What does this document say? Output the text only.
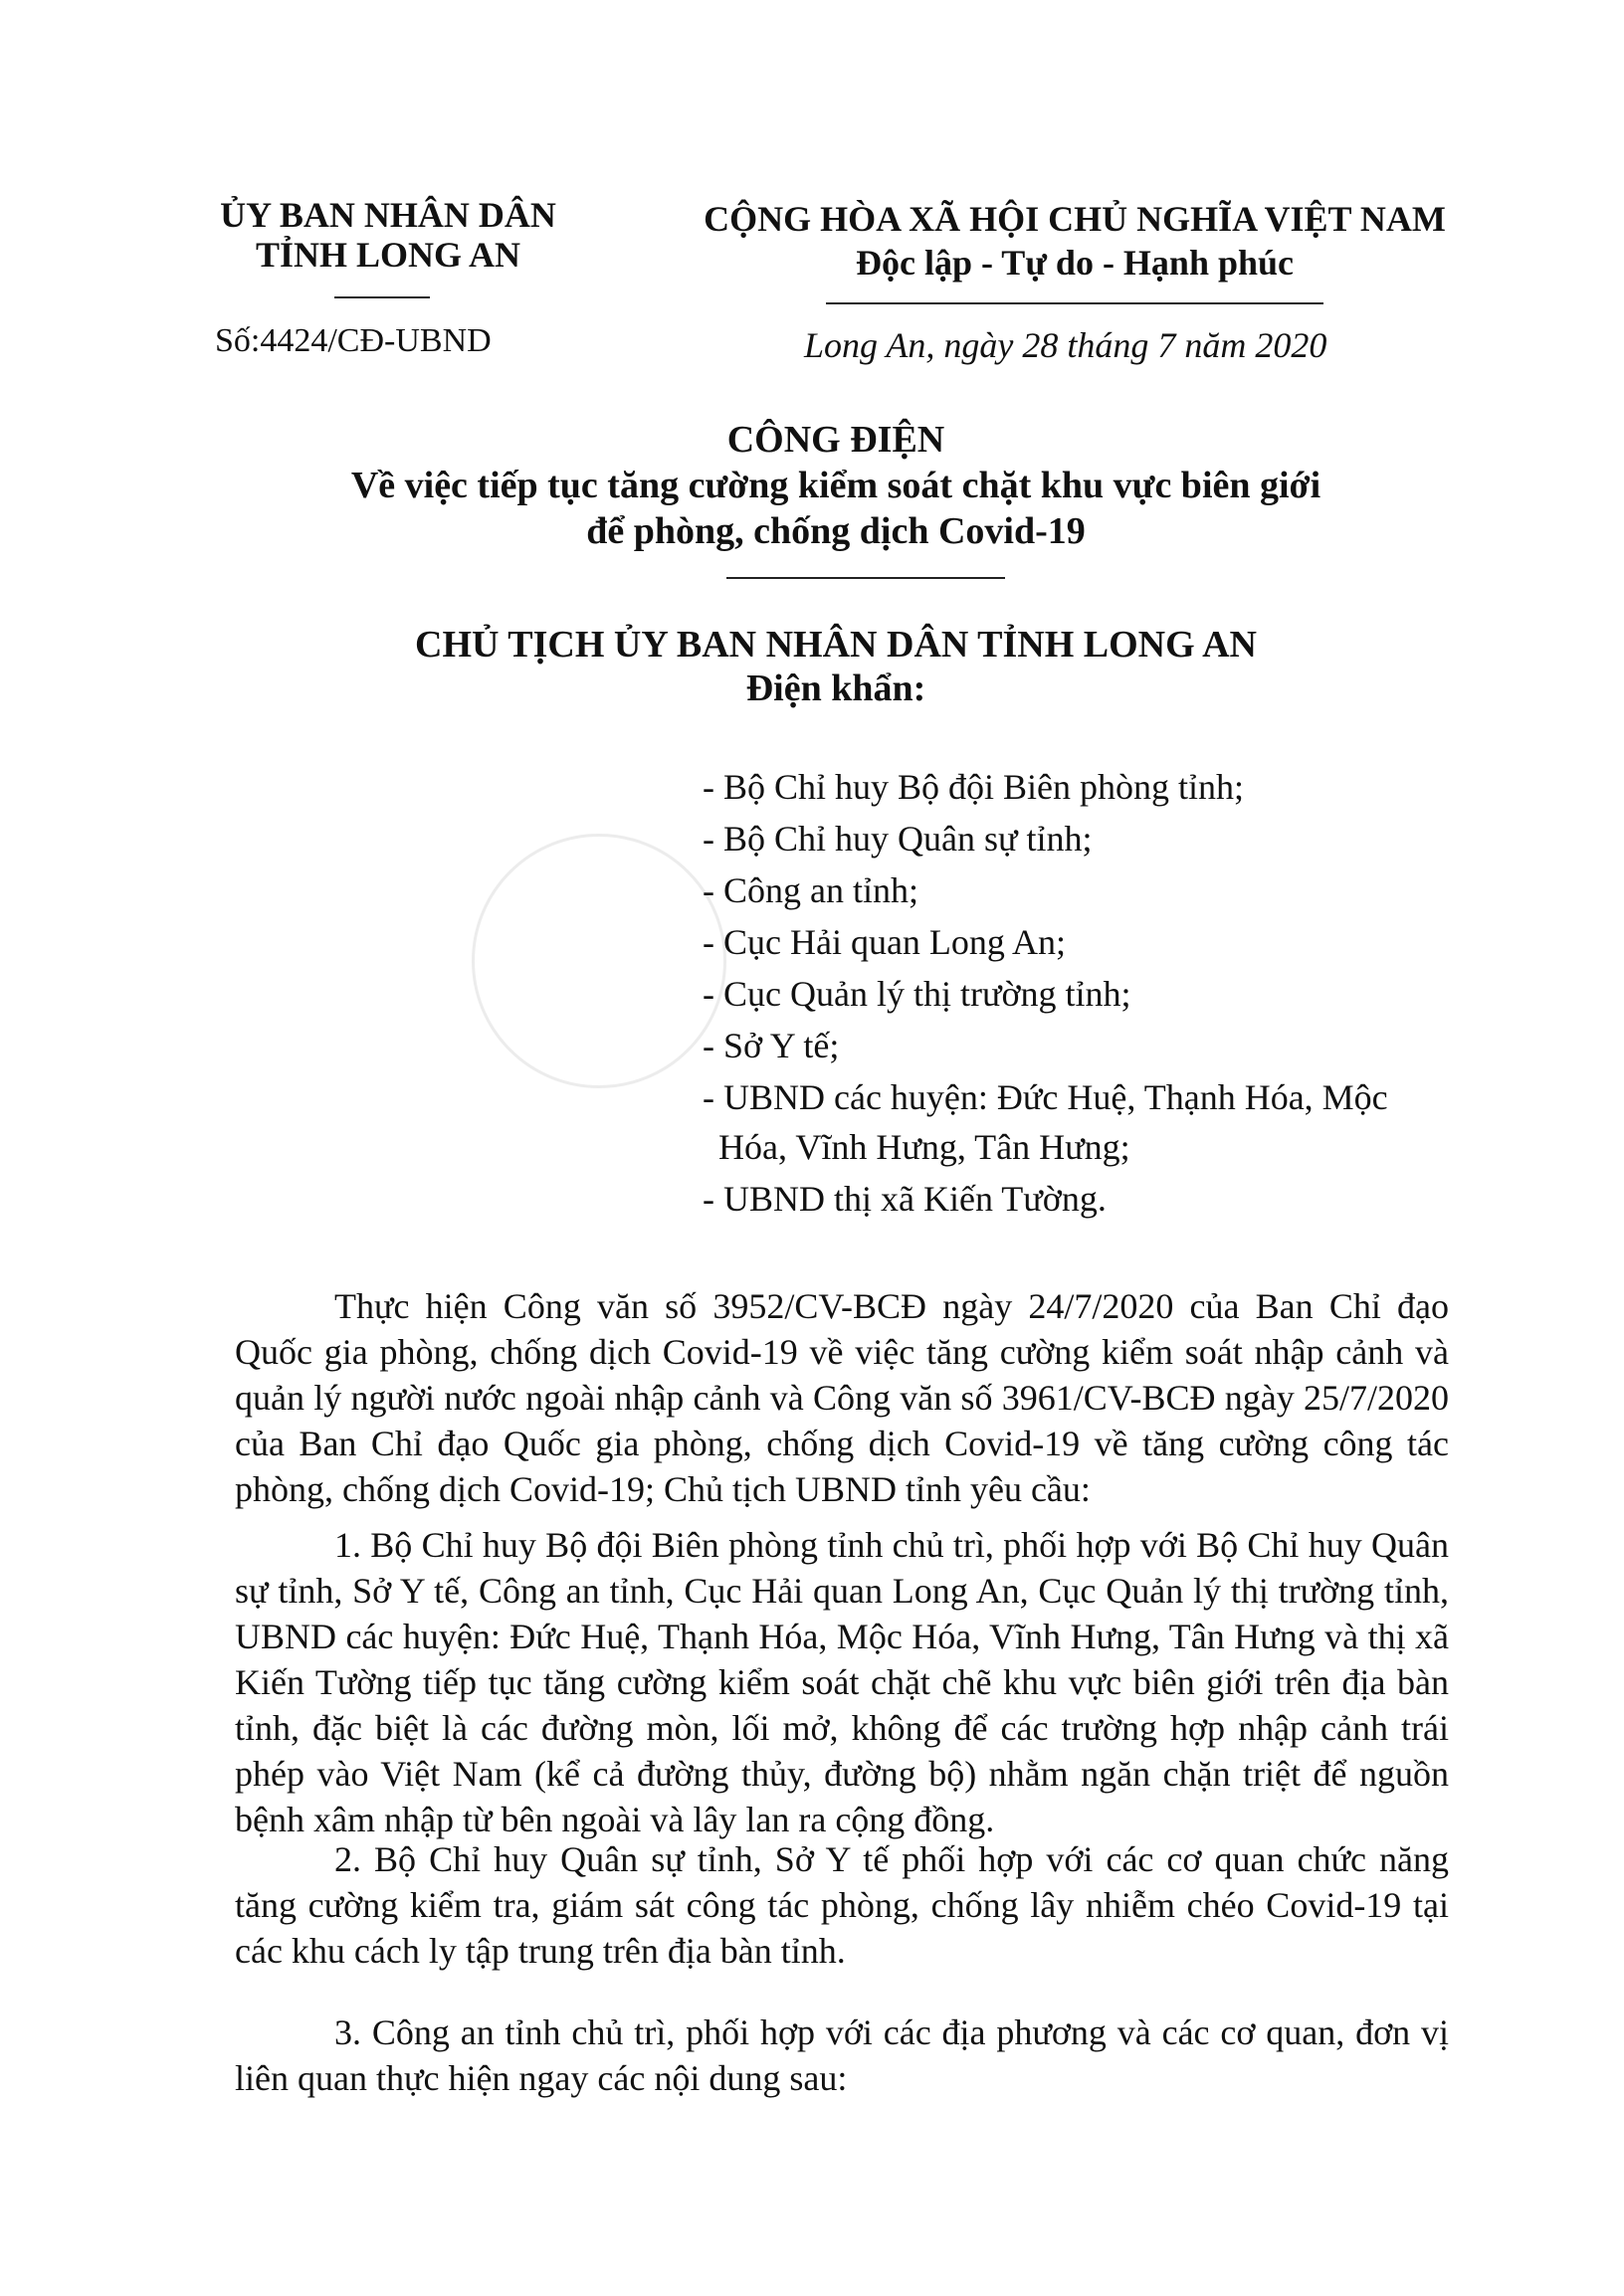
ỦY BAN NHÂN DÂN
TỈNH LONG AN
Số:4424/CĐ-UBND
CỘNG HÒA XÃ HỘI CHỦ NGHĨA VIỆT NAM
Độc lập - Tự do - Hạnh phúc
Long An, ngày 28 tháng 7 năm 2020
CÔNG ĐIỆN
Về việc tiếp tục tăng cường kiểm soát chặt khu vực biên giới
để phòng, chống dịch Covid-19
CHỦ TỊCH ỦY BAN NHÂN DÂN TỈNH LONG AN
Điện khẩn:
- Bộ Chỉ huy Bộ đội Biên phòng tỉnh;
- Bộ Chỉ huy Quân sự tỉnh;
- Công an tỉnh;
- Cục Hải quan Long An;
- Cục Quản lý thị trường tỉnh;
- Sở Y tế;
- UBND các huyện: Đức Huệ, Thạnh Hóa, Mộc
Hóa, Vĩnh Hưng, Tân Hưng;
- UBND thị xã Kiến Tường.

Thực hiện Công văn số 3952/CV-BCĐ ngày 24/7/2020 của Ban Chỉ đạo Quốc gia phòng, chống dịch Covid-19 về việc tăng cường kiểm soát nhập cảnh và quản lý người nước ngoài nhập cảnh và Công văn số 3961/CV-BCĐ ngày 25/7/2020 của Ban Chỉ đạo Quốc gia phòng, chống dịch Covid-19 về tăng cường công tác phòng, chống dịch Covid-19; Chủ tịch UBND tỉnh yêu cầu:

1. Bộ Chỉ huy Bộ đội Biên phòng tỉnh chủ trì, phối hợp với Bộ Chỉ huy Quân sự tỉnh, Sở Y tế, Công an tỉnh, Cục Hải quan Long An, Cục Quản lý thị trường tỉnh, UBND các huyện: Đức Huệ, Thạnh Hóa, Mộc Hóa, Vĩnh Hưng, Tân Hưng và thị xã Kiến Tường tiếp tục tăng cường kiểm soát chặt chẽ khu vực biên giới trên địa bàn tỉnh, đặc biệt là các đường mòn, lối mở, không để các trường hợp nhập cảnh trái phép vào Việt Nam (kể cả đường thủy, đường bộ) nhằm ngăn chặn triệt để nguồn bệnh xâm nhập từ bên ngoài và lây lan ra cộng đồng.

2. Bộ Chỉ huy Quân sự tỉnh, Sở Y tế phối hợp với các cơ quan chức năng tăng cường kiểm tra, giám sát công tác phòng, chống lây nhiễm chéo Covid-19 tại các khu cách ly tập trung trên địa bàn tỉnh.

3. Công an tỉnh chủ trì, phối hợp với các địa phương và các cơ quan, đơn vị liên quan thực hiện ngay các nội dung sau:
